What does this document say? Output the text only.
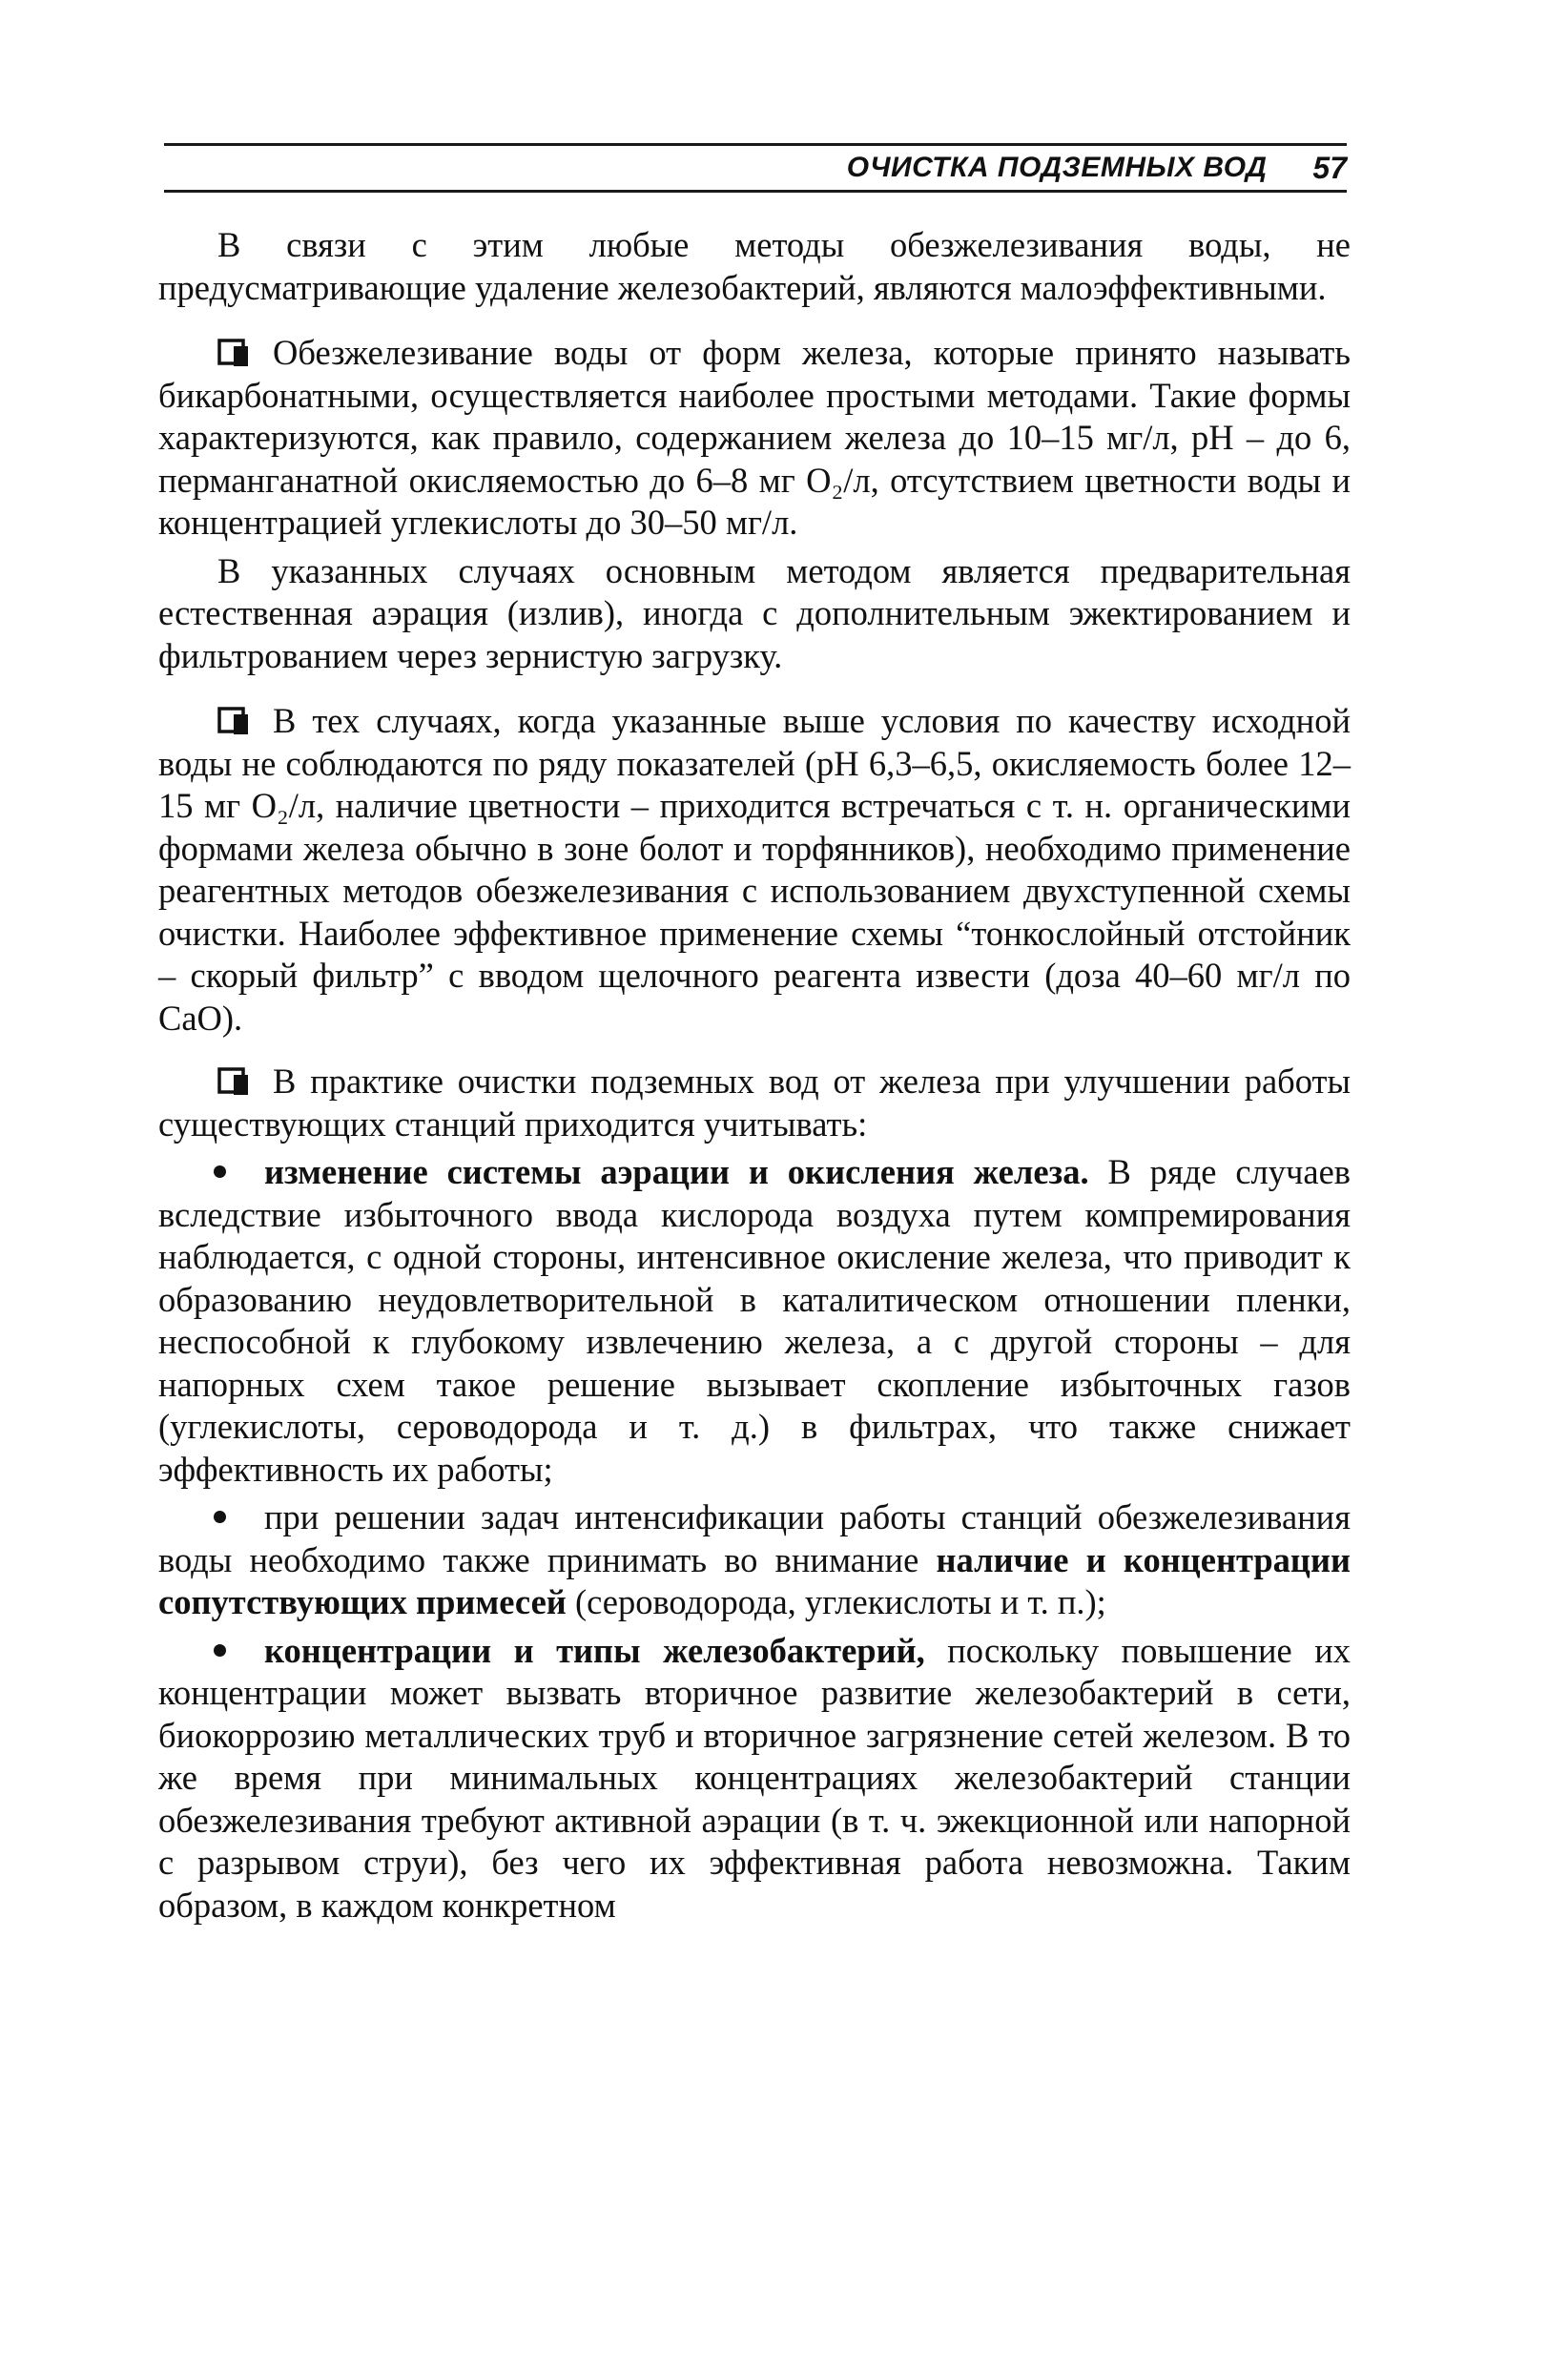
ОЧИСТКА ПОДЗЕМНЫХ ВОД 57

В связи с этим любые методы обезжелезивания воды, не предусматривающие удаление железобактерий, являются малоэффективными.

Обезжелезивание воды от форм железа, которые принято называть бикарбонатными, осуществляется наиболее простыми методами. Такие формы характеризуются, как правило, содержанием железа до 10–15 мг/л, рН – до 6, перманганатной окисляемостью до 6–8 мг O₂/л, отсутствием цветности воды и концентрацией углекислоты до 30–50 мг/л.

В указанных случаях основным методом является предварительная естественная аэрация (излив), иногда с дополнительным эжектированием и фильтрованием через зернистую загрузку.

В тех случаях, когда указанные выше условия по качеству исходной воды не соблюдаются по ряду показателей (рН 6,3–6,5, окисляемость более 12–15 мг O₂/л, наличие цветности – приходится встречаться с т. н. органическими формами железа обычно в зоне болот и торфянников), необходимо применение реагентных методов обезжелезивания с использованием двухступенной схемы очистки. Наиболее эффективное применение схемы “тонкослойный отстойник – скорый фильтр” с вводом щелочного реагента извести (доза 40–60 мг/л по CaO).

В практике очистки подземных вод от железа при улучшении работы существующих станций приходится учитывать:

изменение системы аэрации и окисления железа. В ряде случаев вследствие избыточного ввода кислорода воздуха путем компремирования наблюдается, с одной стороны, интенсивное окисление железа, что приводит к образованию неудовлетворительной в каталитическом отношении пленки, неспособной к глубокому извлечению железа, а с другой стороны – для напорных схем такое решение вызывает скопление избыточных газов (углекислоты, сероводорода и т. д.) в фильтрах, что также снижает эффективность их работы;

при решении задач интенсификации работы станций обезжелезивания воды необходимо также принимать во внимание наличие и концентрации сопутствующих примесей (сероводорода, углекислоты и т. п.);

концентрации и типы железобактерий, поскольку повышение их концентрации может вызвать вторичное развитие железобактерий в сети, биокоррозию металлических труб и вторичное загрязнение сетей железом. В то же время при минимальных концентрациях железобактерий станции обезжелезивания требуют активной аэрации (в т. ч. эжекционной или напорной с разрывом струи), без чего их эффективная работа невозможна. Таким образом, в каждом конкретном
